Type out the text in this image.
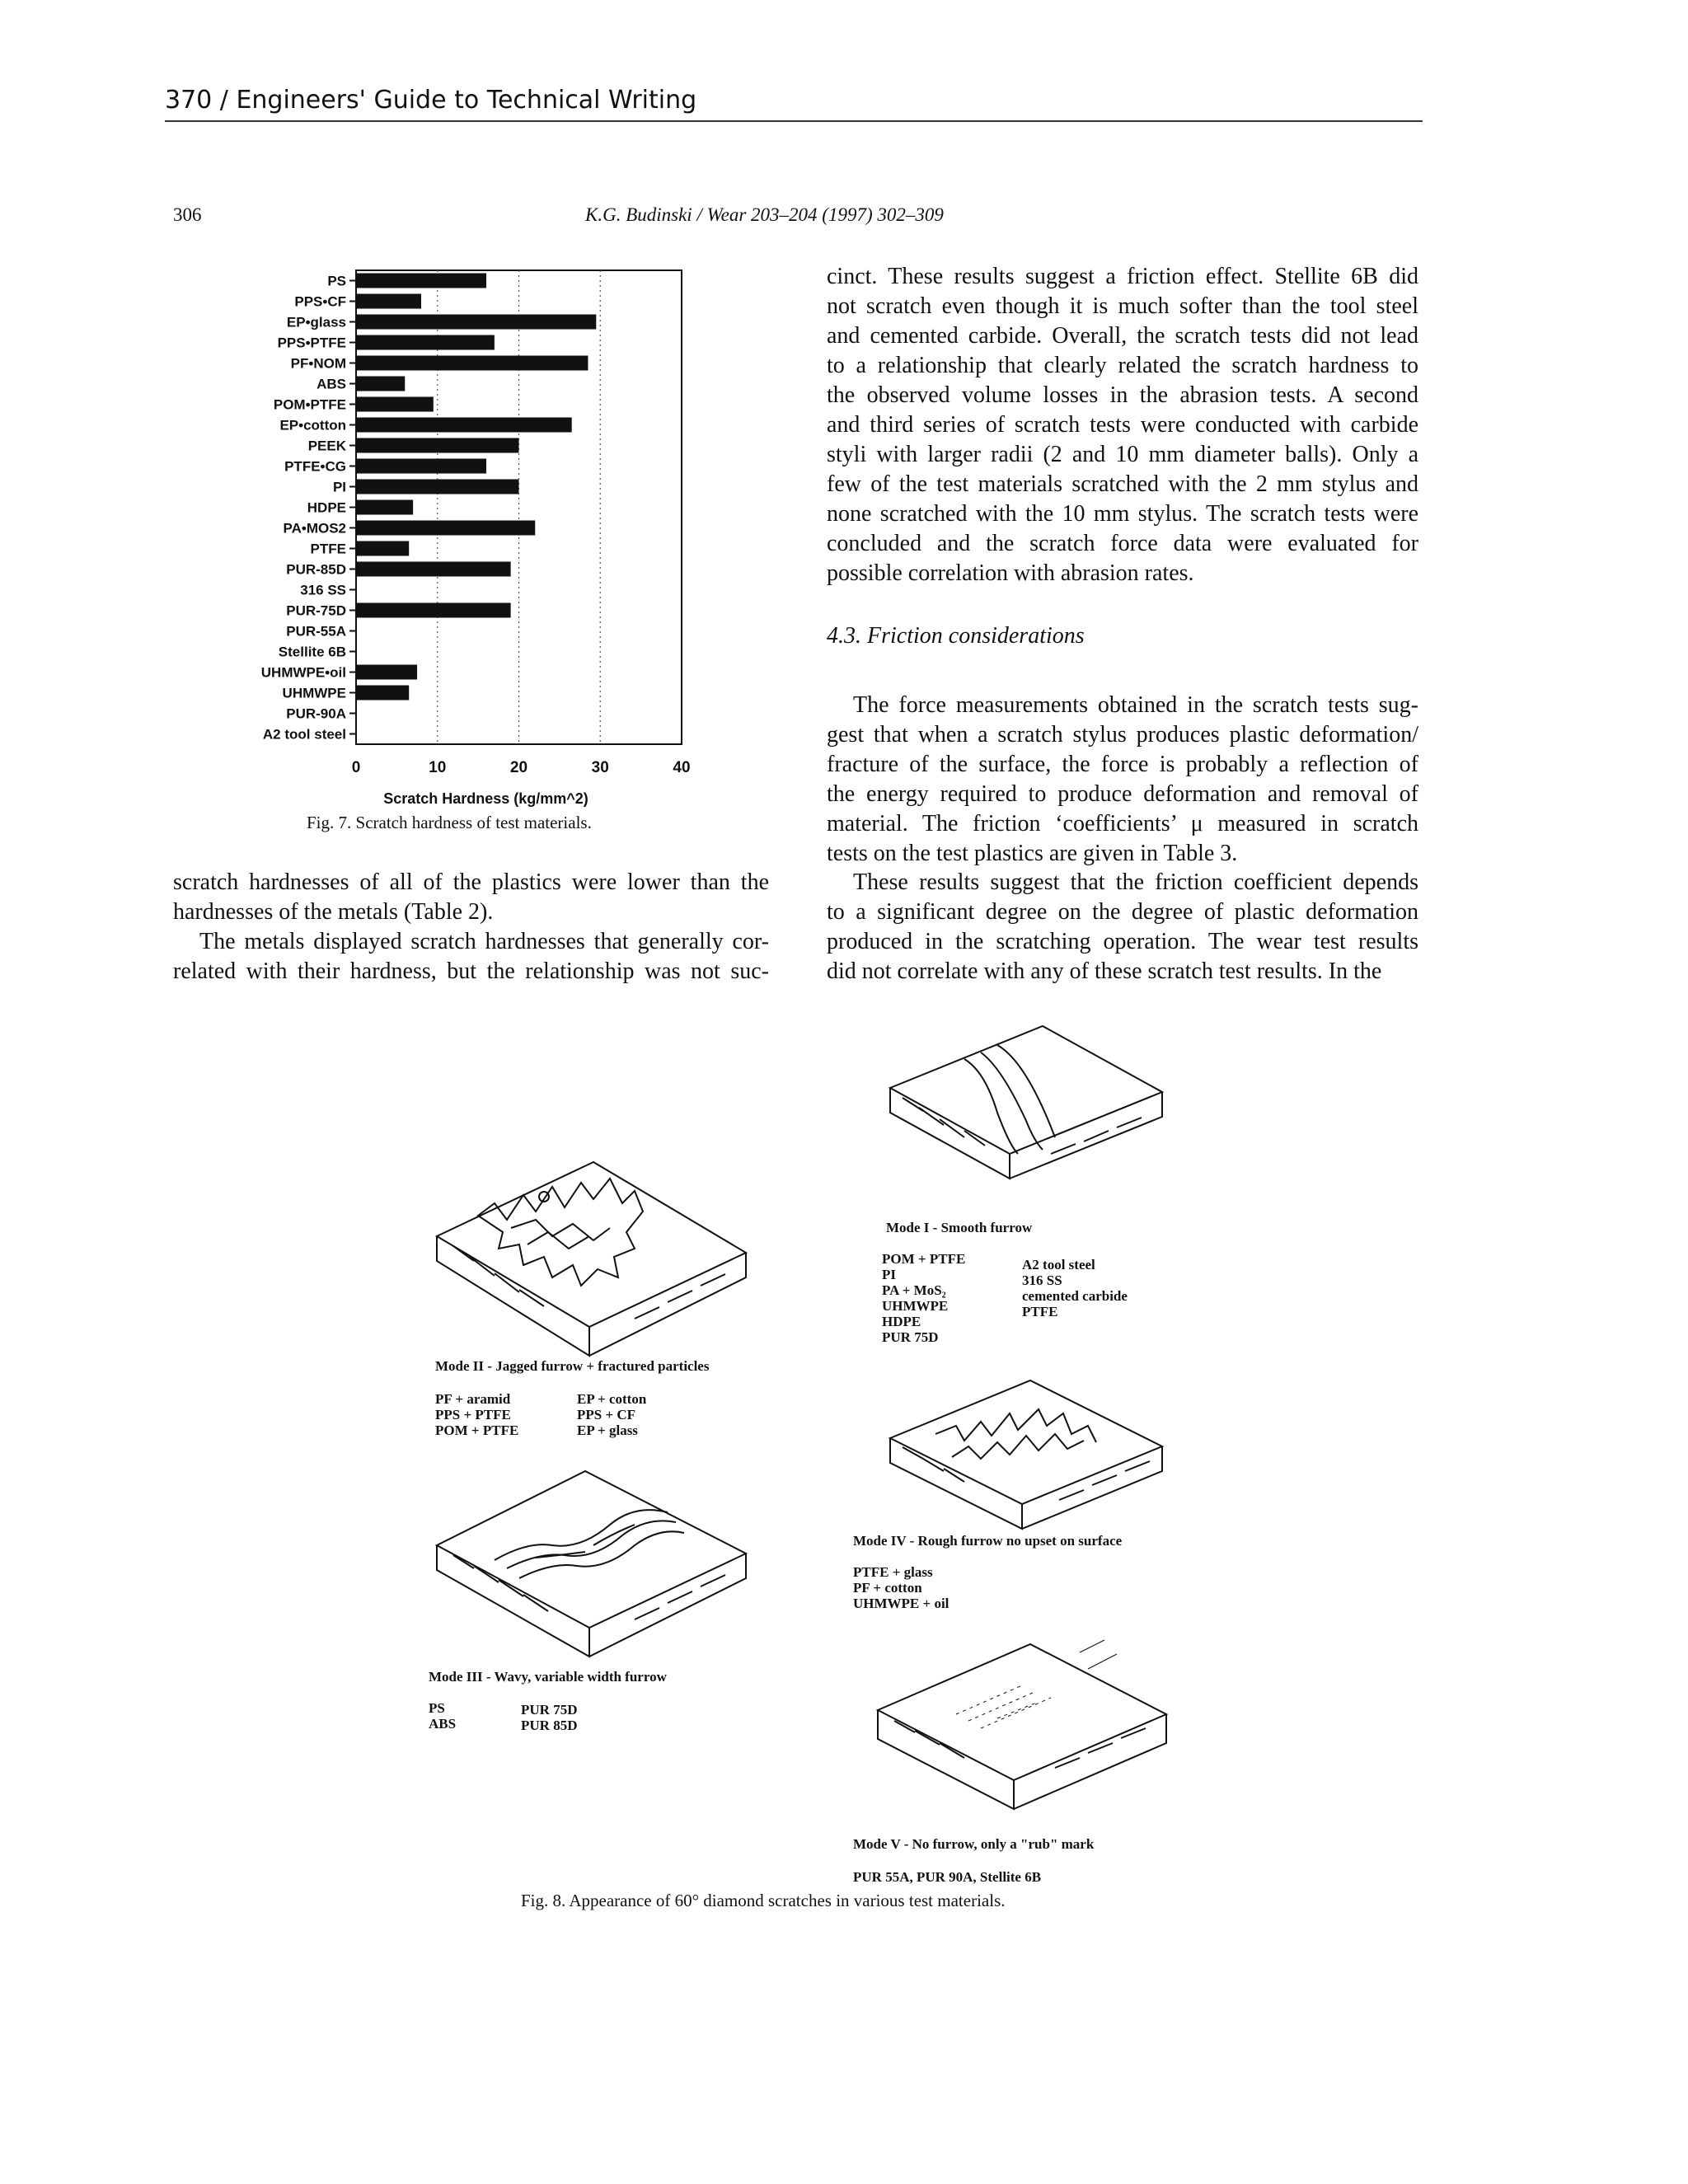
370 / Engineers' Guide to Technical Writing
306	K.G. Budinski / Wear 203–204 (1997) 302–309
PS
PPS•CF
EP•glass
PPS•PTFE
PF•NOM
ABS
POM•PTFE
EP•cotton
PEEK
PTFE•CG
PI
HDPE
PA•MOS2
PTFE
PUR-85D
316 SS
PUR-75D
PUR-55A
Stellite 6B
UHMWPE•oil
UHMWPE
PUR-90A
A2 tool steel
0	10	20	30	40
Scratch Hardness (kg/mm^2)
Fig. 7. Scratch hardness of test materials.

scratch hardnesses of all of the plastics were lower than the
hardnesses of the metals (Table 2).

The metals displayed scratch hardnesses that generally cor-
related with their hardness, but the relationship was not suc-

cinct. These results suggest a friction effect. Stellite 6B did
not scratch even though it is much softer than the tool steel
and cemented carbide. Overall, the scratch tests did not lead
to a relationship that clearly related the scratch hardness to
the observed volume losses in the abrasion tests. A second
and third series of scratch tests were conducted with carbide
styli with larger radii (2 and 10 mm diameter balls). Only a
few of the test materials scratched with the 2 mm stylus and
none scratched with the 10 mm stylus. The scratch tests were
concluded and the scratch force data were evaluated for
possible correlation with abrasion rates.
4.3. Friction considerations
The force measurements obtained in the scratch tests sug-
gest that when a scratch stylus produces plastic deformation/
fracture of the surface, the force is probably a reflection of
the energy required to produce deformation and removal of
material. The friction ‘coefficients’ μ measured in scratch
tests on the test plastics are given in Table 3.
These results suggest that the friction coefficient depends
to a significant degree on the degree of plastic deformation
produced in the scratching operation. The wear test results
did not correlate with any of these scratch test results. In the
Mode I - Smooth furrow
POM + PTFE
PI
PA + MoS₂
UHMWPE
HDPE
PUR 75D
A2 tool steel
316 SS
cemented carbide
PTFE
Mode II - Jagged furrow + fractured particles
PF + aramid
PPS + PTFE
POM + PTFE
EP + cotton
PPS + CF
EP + glass
Mode IV - Rough furrow no upset on surface
PTFE + glass
PF + cotton
UHMWPE + oil
Mode III - Wavy, variable width furrow
PS
ABS
PUR 75D
PUR 85D
Mode V - No furrow, only a "rub" mark
PUR 55A, PUR 90A, Stellite 6B
Fig. 8. Appearance of 60° diamond scratches in various test materials.
